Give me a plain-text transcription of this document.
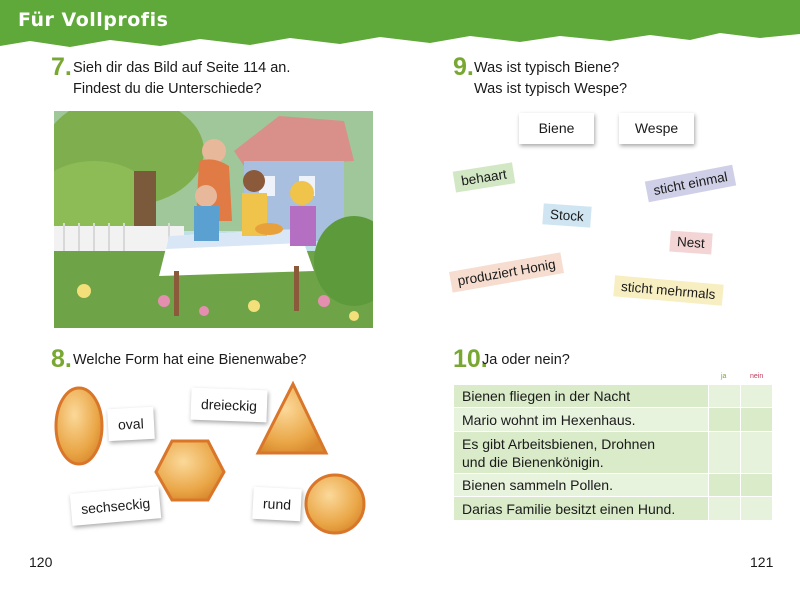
Für Vollprofis
7. Sieh dir das Bild auf Seite 114 an.
Findest du die Unterschiede?
8. Welche Form hat eine Bienenwabe?
oval
dreieckig
sechseckig	rund
9. Was ist typisch Biene?
Was ist typisch Wespe?
Biene	Wespe
behaart
Stock
sticht einmal
Nest
produziert Honig
sticht mehrmals
10.
Ja oder nein?
ja	nein
Bienen fliegen in der Nacht
Mario wohnt im Hexenhaus.
Es gibt Arbeitsbienen, Drohnen
und die Bienenkönigin.
Bienen sammeln Pollen.
Darias Familie besitzt einen Hund.
120	121
